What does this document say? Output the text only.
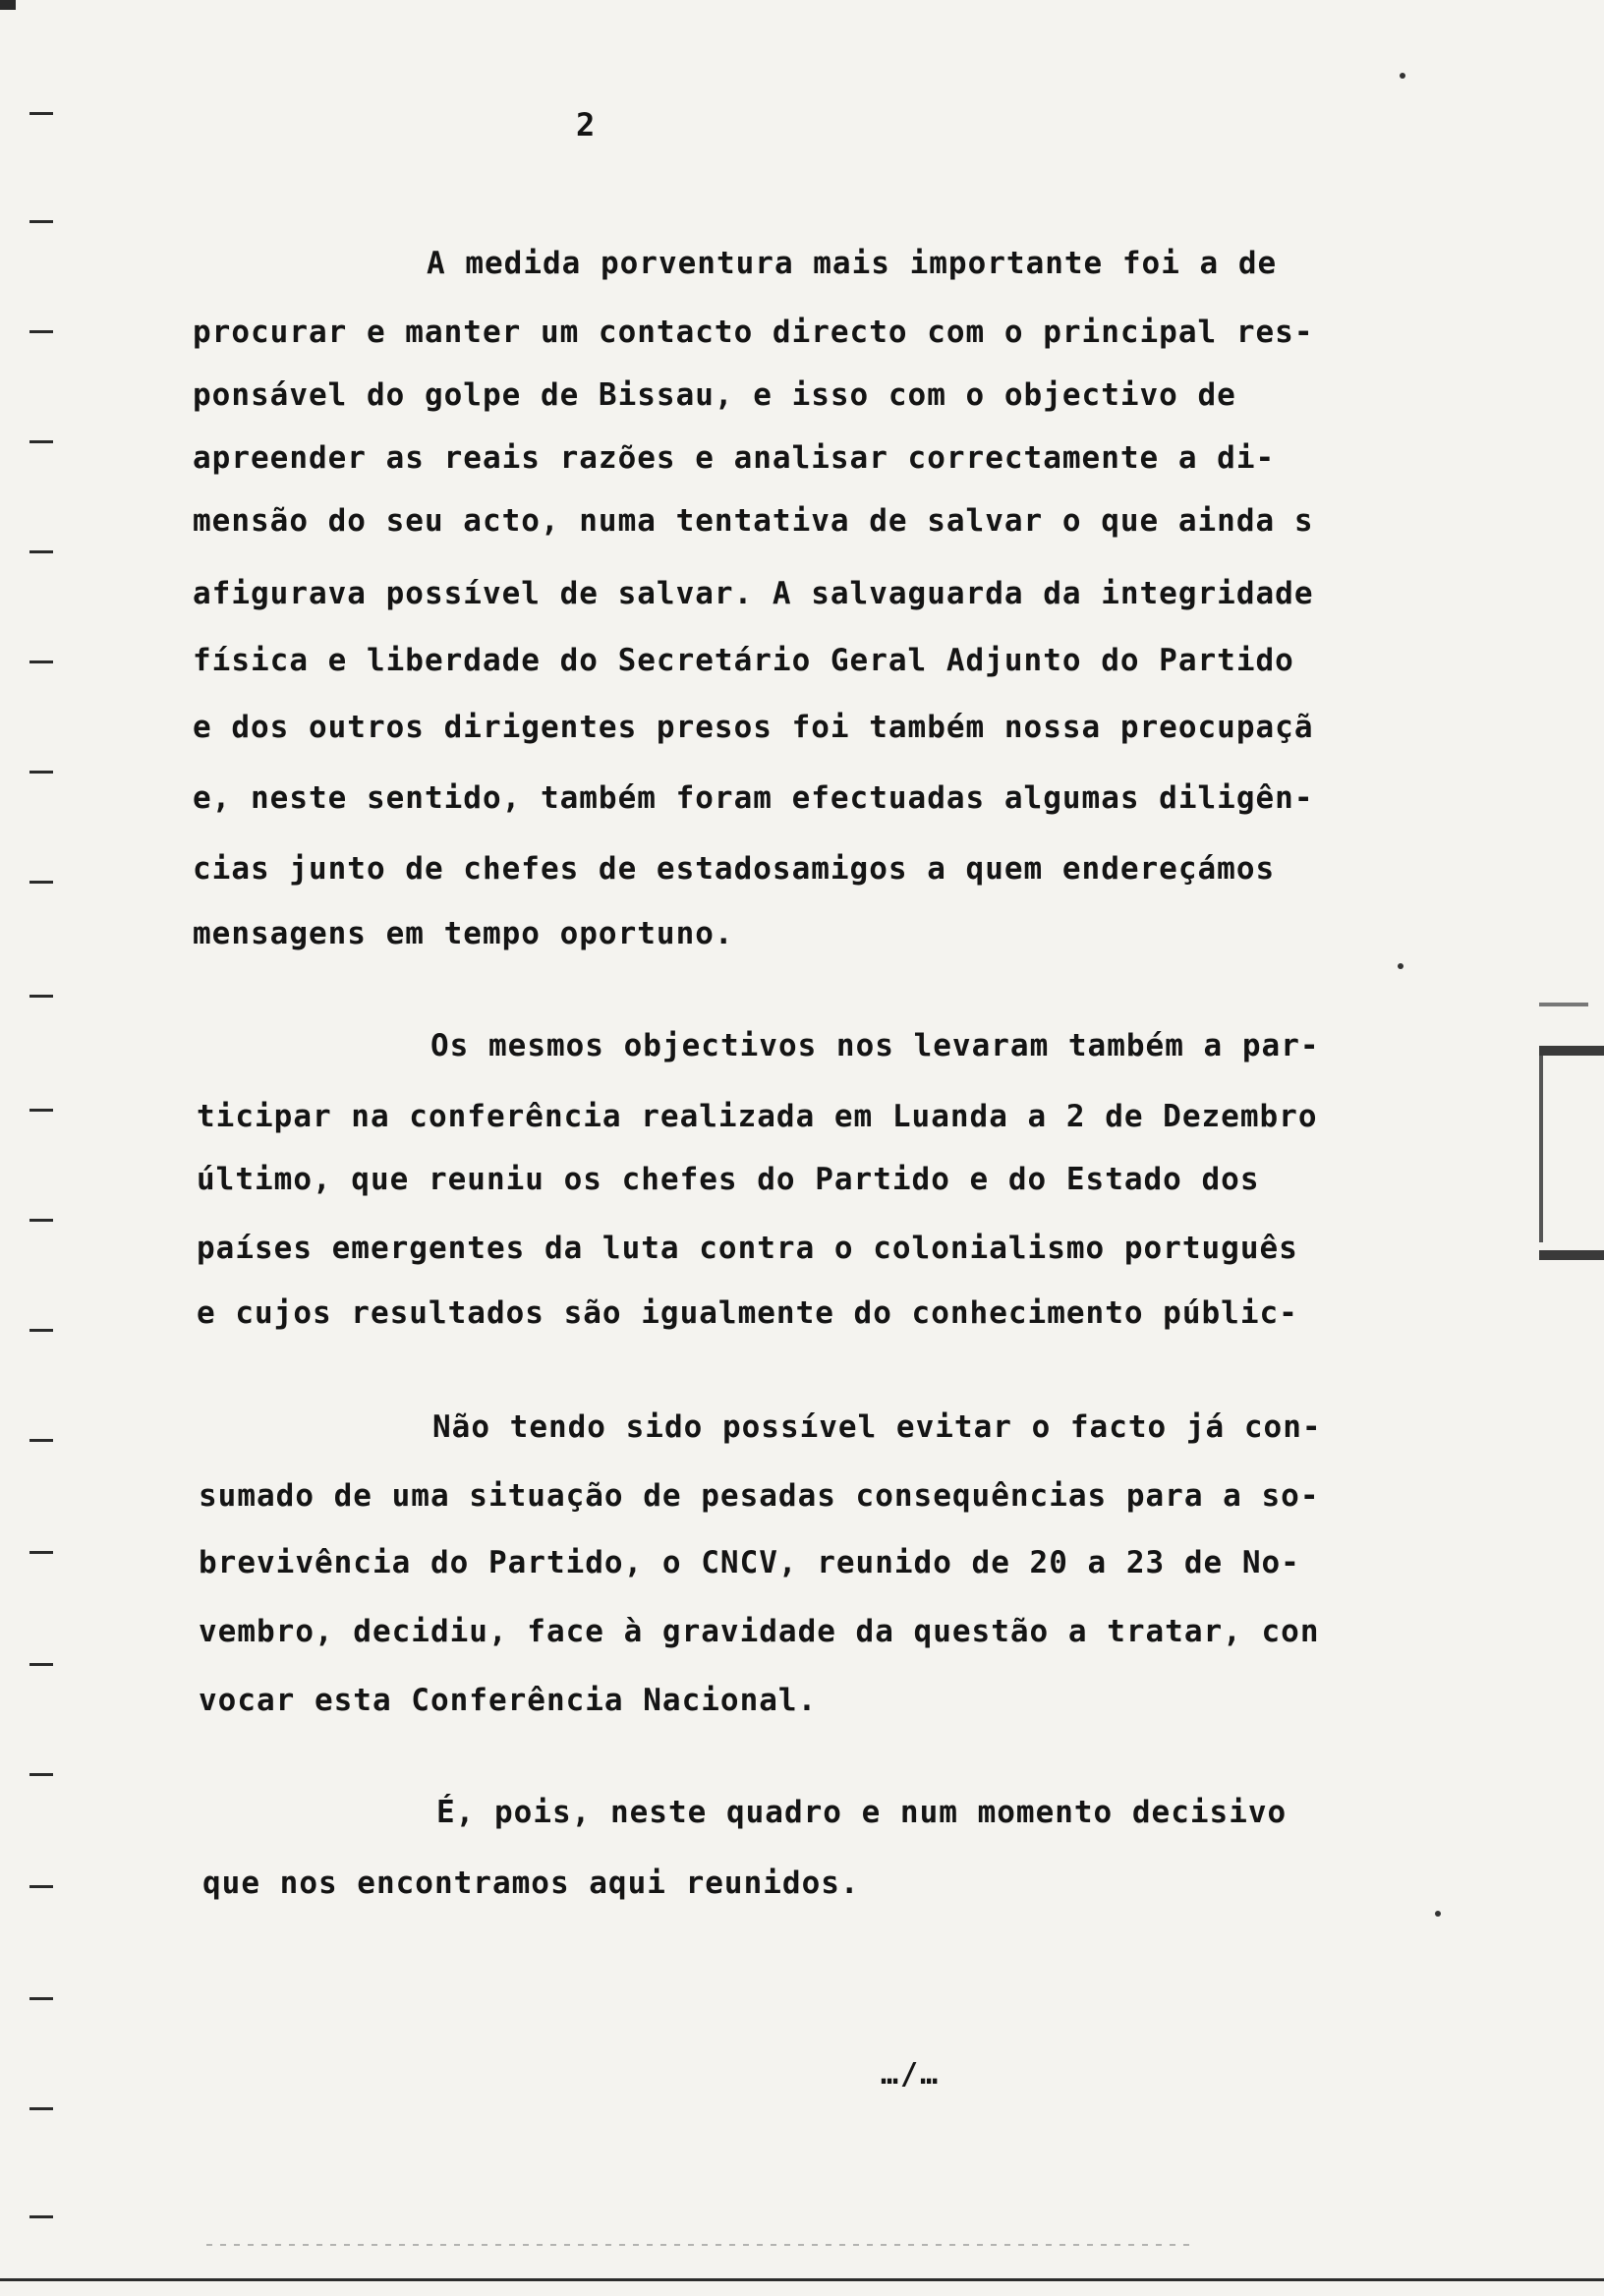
2
A medida porventura mais importante foi a de
procurar e manter um contacto directo com o principal res-
ponsável do golpe de Bissau, e isso com o objectivo de
apreender as reais razões e analisar correctamente a di-
mensão do seu acto, numa tentativa de salvar o que ainda s
afigurava possível de salvar. A salvaguarda da integridade
física e liberdade do Secretário Geral Adjunto do Partido
e dos outros dirigentes presos foi também nossa preocupaçã
e, neste sentido, também foram efectuadas algumas diligên-
cias junto de chefes de estadosamigos a quem endereçámos
mensagens em tempo oportuno.
Os mesmos objectivos nos levaram também a par-
ticipar na conferência realizada em Luanda a 2 de Dezembro
último, que reuniu os chefes do Partido e do Estado dos
países emergentes da luta contra o colonialismo português
e cujos resultados são igualmente do conhecimento públic-
Não tendo sido possível evitar o facto já con-
sumado de uma situação de pesadas consequências para a so-
brevivência do Partido, o CNCV, reunido de 20 a 23 de No-
vembro, decidiu, face à gravidade da questão a tratar, con
vocar esta Conferência Nacional.
É, pois, neste quadro e num momento decisivo
que nos encontramos aqui reunidos.
…/…
